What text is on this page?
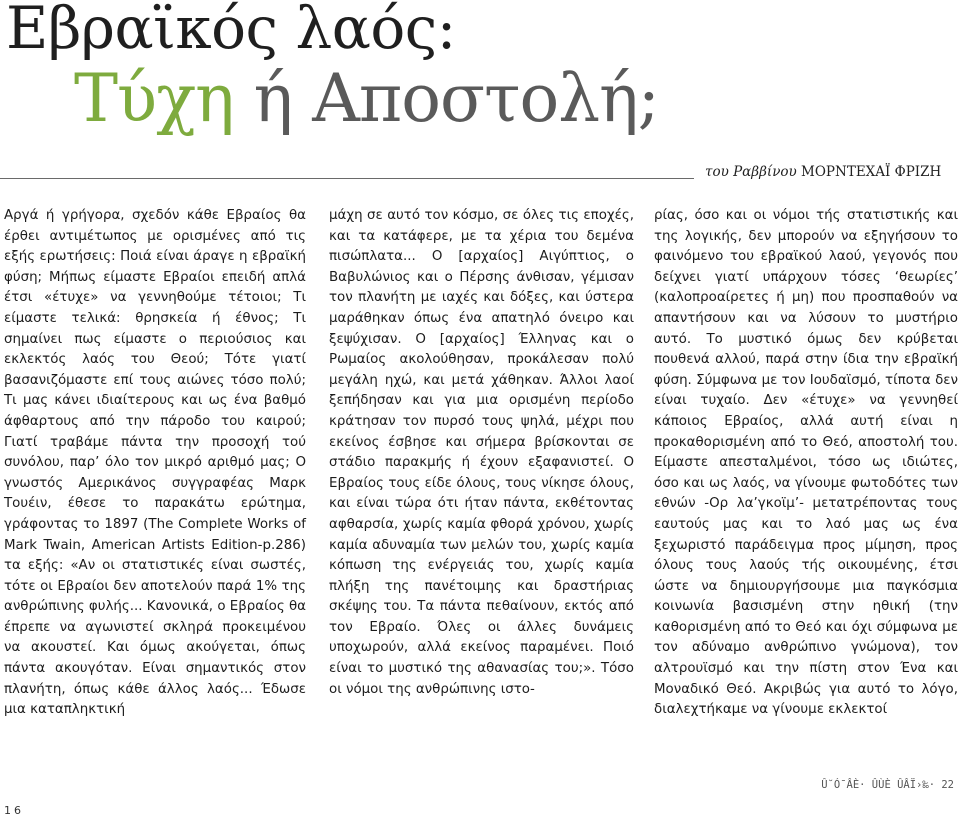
Εβραϊκός λαός:
Τύχη ή Αποστολή;
του Ραββίνου ΜΟΡΝΤΕΧΑΪ ΦΡΙΖΗ

Αργά ή γρήγορα, σχεδόν κάθε Εβραίος θα έρθει αντιμέτωπος με ορισμένες από τις εξής ερωτήσεις: Ποιά είναι άραγε η εβραϊκή φύση; Μήπως είμαστε Εβραίοι επειδή απλά έτσι «έτυχε» να γεννηθούμε τέτοιοι; Τι είμαστε τελικά: θρησκεία ή έθνος; Τι σημαίνει πως είμαστε ο περιούσιος και εκλεκτός λαός του Θεού; Τότε γιατί βασανιζόμαστε επί τους αιώνες τόσο πολύ; Τι μας κάνει ιδιαίτερους και ως ένα βαθμό άφθαρτους από την πάροδο του καιρού; Γιατί τραβάμε πάντα την προσοχή τού συνόλου, παρ’ όλο τον μικρό αριθμό μας; Ο γνωστός Αμερικάνος συγγραφέας Μαρκ Τουέιν, έθεσε το παρακάτω ερώτημα, γράφοντας το 1897 (The Complete Works of Mark Twain, American Artists Edition-p.286) τα εξής: «Αν οι στατιστικές είναι σωστές, τότε οι Εβραίοι δεν αποτελούν παρά 1% της ανθρώπινης φυλής... Κανονικά, ο Εβραίος θα έπρεπε να αγωνιστεί σκληρά προκειμένου να ακουστεί. Και όμως ακούγεται, όπως πάντα ακουγόταν. Είναι σημαντικός στον πλανήτη, όπως κάθε άλλος λαός... Έδωσε μια καταπληκτική

μάχη σε αυτό τον κόσμο, σε όλες τις εποχές, και τα κατάφερε, με τα χέρια του δεμένα πισώπλατα... Ο [αρχαίος] Αιγύπτιος, ο Βαβυλώνιος και ο Πέρσης άνθισαν, γέμισαν τον πλανήτη με ιαχές και δόξες, και ύστερα μαράθηκαν όπως ένα απατηλό όνειρο και ξεψύχισαν. Ο [αρχαίος] Έλληνας και ο Ρωμαίος ακολούθησαν, προκάλεσαν πολύ μεγάλη ηχώ, και μετά χάθηκαν. Άλλοι λαοί ξεπήδησαν και για μια ορισμένη περίοδο κράτησαν τον πυρσό τους ψηλά, μέχρι που εκείνος έσβησε και σήμερα βρίσκονται σε στάδιο παρακμής ή έχουν εξαφανιστεί. Ο Εβραίος τους είδε όλους, τους νίκησε όλους, και είναι τώρα ότι ήταν πάντα, εκθέτοντας αφθαρσία, χωρίς καμία φθορά χρόνου, χωρίς καμία αδυναμία των μελών του, χωρίς καμία κόπωση της ενέργειάς του, χωρίς καμία πλήξη της πανέτοιμης και δραστήριας σκέψης του. Τα πάντα πεθαίνουν, εκτός από τον Εβραίο. Όλες οι άλλες δυνάμεις υποχωρούν, αλλά εκείνος παραμένει. Ποιό είναι το μυστικό της αθανασίας του;». Τόσο οι νόμοι της ανθρώπινης ιστο-

ρίας, όσο και οι νόμοι τής στατιστικής και της λογικής, δεν μπορούν να εξηγήσουν το φαινόμενο του εβραϊκού λαού, γεγονός που δείχνει γιατί υπάρχουν τόσες ‘θεωρίες’ (καλοπροαίρετες ή μη) που προσπαθούν να απαντήσουν και να λύσουν το μυστήριο αυτό. Το μυστικό όμως δεν κρύβεται πουθενά αλλού, παρά στην ίδια την εβραϊκή φύση. Σύμφωνα με τον Ιουδαϊσμό, τίποτα δεν είναι τυχαίο. Δεν «έτυχε» να γεννηθεί κάποιος Εβραίος, αλλά αυτή είναι η προκαθορισμένη από το Θεό, αποστολή του. Είμαστε απεσταλμένοι, τόσο ως ιδιώτες, όσο και ως λαός, να γίνουμε φωτοδότες των εθνών -Ορ λα’γκοϊμ’- μετατρέποντας τους εαυτούς μας και το λαό μας ως ένα ξεχωριστό παράδειγμα προς μίμηση, προς όλους τους λαούς τής οικουμένης, έτσι ώστε να δημιουργήσουμε μια παγκόσμια κοινωνία βασισμένη στην ηθική (την καθορισμένη από το Θεό και όχι σύμφωνα με τον αδύναμο ανθρώπινο γνώμονα), τον αλτρουϊσμό και την πίστη στον Ένα και Μοναδικό Θεό. Ακριβώς για αυτό το λόγο, διαλεχτήκαμε να γίνουμε εκλεκτοί

Û˘Ó¯ÂÈ· ÛÙÈ ÛÂÏ›‰· 22
16
